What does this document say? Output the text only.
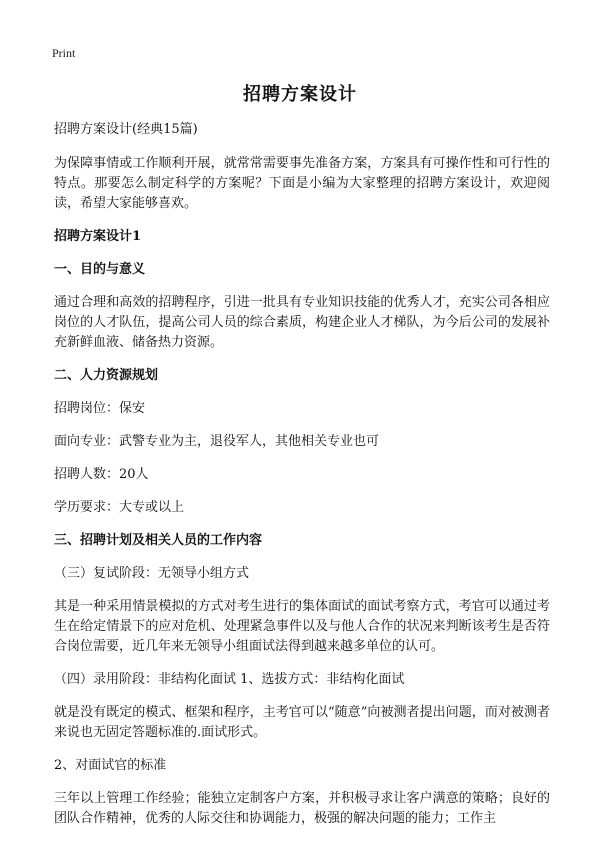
Print
招聘方案设计

招聘方案设计(经典15篇)

为保障事情或工作顺利开展，就常常需要事先准备方案，方案具有可操作性和可行性的特点。那要怎么制定科学的方案呢？下面是小编为大家整理的招聘方案设计，欢迎阅读，希望大家能够喜欢。

招聘方案设计1

一、目的与意义

通过合理和高效的招聘程序，引进一批具有专业知识技能的优秀人才，充实公司各相应岗位的人才队伍，提高公司人员的综合素质，构建企业人才梯队，为今后公司的发展补充新鲜血液、储备热力资源。

二、人力资源规划

招聘岗位：保安

面向专业：武警专业为主，退役军人，其他相关专业也可

招聘人数：20人

学历要求：大专或以上

三、招聘计划及相关人员的工作内容

（三）复试阶段：无领导小组方式

其是一种采用情景模拟的方式对考生进行的集体面试的面试考察方式，考官可以通过考生在给定情景下的应对危机、处理紧急事件以及与他人合作的状况来判断该考生是否符合岗位需要，近几年来无领导小组面试法得到越来越多单位的认可。

（四）录用阶段：非结构化面试 1、选拔方式：非结构化面试

就是没有既定的模式、框架和程序，主考官可以“随意”向被测者提出问题，而对被测者来说也无固定答题标准的.面试形式。

2、对面试官的标准

三年以上管理工作经验；能独立定制客户方案，并积极寻求让客户满意的策略；良好的团队合作精神，优秀的人际交往和协调能力，极强的解决问题的能力；工作主
